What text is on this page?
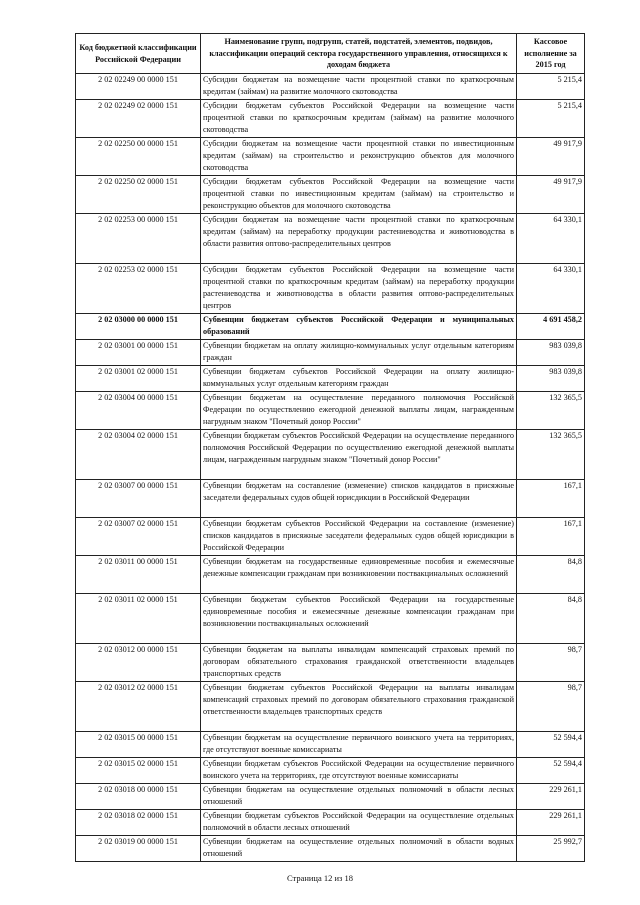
Код бюджетной классификации Российской Федерации	Наименование групп, подгрупп, статей, подстатей, элементов, подвидов, классификации операций сектора государственного управления, относящихся к доходам бюджета	Кассовое исполнение за 2015 год
2 02 02249 00 0000 151	Субсидии бюджетам на возмещение части процентной ставки по краткосрочным кредитам (займам) на развитие молочного скотоводства	5 215,4
2 02 02249 02 0000 151	Субсидии бюджетам субъектов Российской Федерации на возмещение части процентной ставки по краткосрочным кредитам (займам) на развитие молочного скотоводства	5 215,4
2 02 02250 00 0000 151	Субсидии бюджетам на возмещение части процентной ставки по инвестиционным кредитам (займам) на строительство и реконструкцию объектов для молочного скотоводства	49 917,9
2 02 02250 02 0000 151	Субсидии бюджетам субъектов Российской Федерации на возмещение части процентной ставки по инвестиционным кредитам (займам) на строительство и реконструкцию объектов для молочного скотоводства	49 917,9
2 02 02253 00 0000 151	Субсидии бюджетам на возмещение части процентной ставки по краткосрочным кредитам (займам) на переработку продукции растениеводства и животноводства в области развития оптово-распределительных центров	64 330,1
2 02 02253 02 0000 151	Субсидии бюджетам субъектов Российской Федерации на возмещение части процентной ставки по краткосрочным кредитам (займам) на переработку продукции растениеводства и животноводства в области развития оптово-распределительных центров	64 330,1
2 02 03000 00 0000 151	Субвенции бюджетам субъектов Российской Федерации и муниципальных образований	4 691 458,2
2 02 03001 00 0000 151	Субвенции бюджетам на оплату жилищно-коммунальных услуг отдельным категориям граждан	983 039,8
2 02 03001 02 0000 151	Субвенции бюджетам субъектов Российской Федерации на оплату жилищно-коммунальных услуг отдельным категориям граждан	983 039,8
2 02 03004 00 0000 151	Субвенции бюджетам на осуществление переданного полномочия Российской Федерации по осуществлению ежегодной денежной выплаты лицам, награжденным нагрудным знаком "Почетный донор России"	132 365,5
2 02 03004 02 0000 151	Субвенции бюджетам субъектов Российской Федерации на осуществление переданного полномочия Российской Федерации по осуществлению ежегодной денежной выплаты лицам, награжденным нагрудным знаком "Почетный донор России"	132 365,5
2 02 03007 00 0000 151	Субвенции бюджетам на составление (изменение) списков кандидатов в присяжные заседатели федеральных судов общей юрисдикции в Российской Федерации	167,1
2 02 03007 02 0000 151	Субвенции бюджетам субъектов Российской Федерации на составление (изменение) списков кандидатов в присяжные заседатели федеральных судов общей юрисдикции в Российской Федерации	167,1
2 02 03011 00 0000 151	Субвенции бюджетам на государственные единовременные пособия и ежемесячные денежные компенсации гражданам при возникновении поствакцинальных осложнений	84,8
2 02 03011 02 0000 151	Субвенции бюджетам субъектов Российской Федерации на государственные единовременные пособия и ежемесячные денежные компенсации гражданам при возникновении поствакцинальных осложнений	84,8
2 02 03012 00 0000 151	Субвенции бюджетам на выплаты инвалидам компенсаций страховых премий по договорам обязательного страхования гражданской ответственности владельцев транспортных средств	98,7
2 02 03012 02 0000 151	Субвенции бюджетам субъектов Российской Федерации на выплаты инвалидам компенсаций страховых премий по договорам обязательного страхования гражданской ответственности владельцев транспортных средств	98,7
2 02 03015 00 0000 151	Субвенции бюджетам на осуществление первичного воинского учета на территориях, где отсутствуют военные комиссариаты	52 594,4
2 02 03015 02 0000 151	Субвенции бюджетам субъектов Российской Федерации на осуществление первичного воинского учета на территориях, где отсутствуют военные комиссариаты	52 594,4
2 02 03018 00 0000 151	Субвенции бюджетам на осуществление отдельных полномочий в области лесных отношений	229 261,1
2 02 03018 02 0000 151	Субвенции бюджетам субъектов Российской Федерации на осуществление отдельных полномочий в области лесных отношений	229 261,1
2 02 03019 00 0000 151	Субвенции бюджетам на осуществление отдельных полномочий в области водных отношений	25 992,7
Страница 12 из 18
